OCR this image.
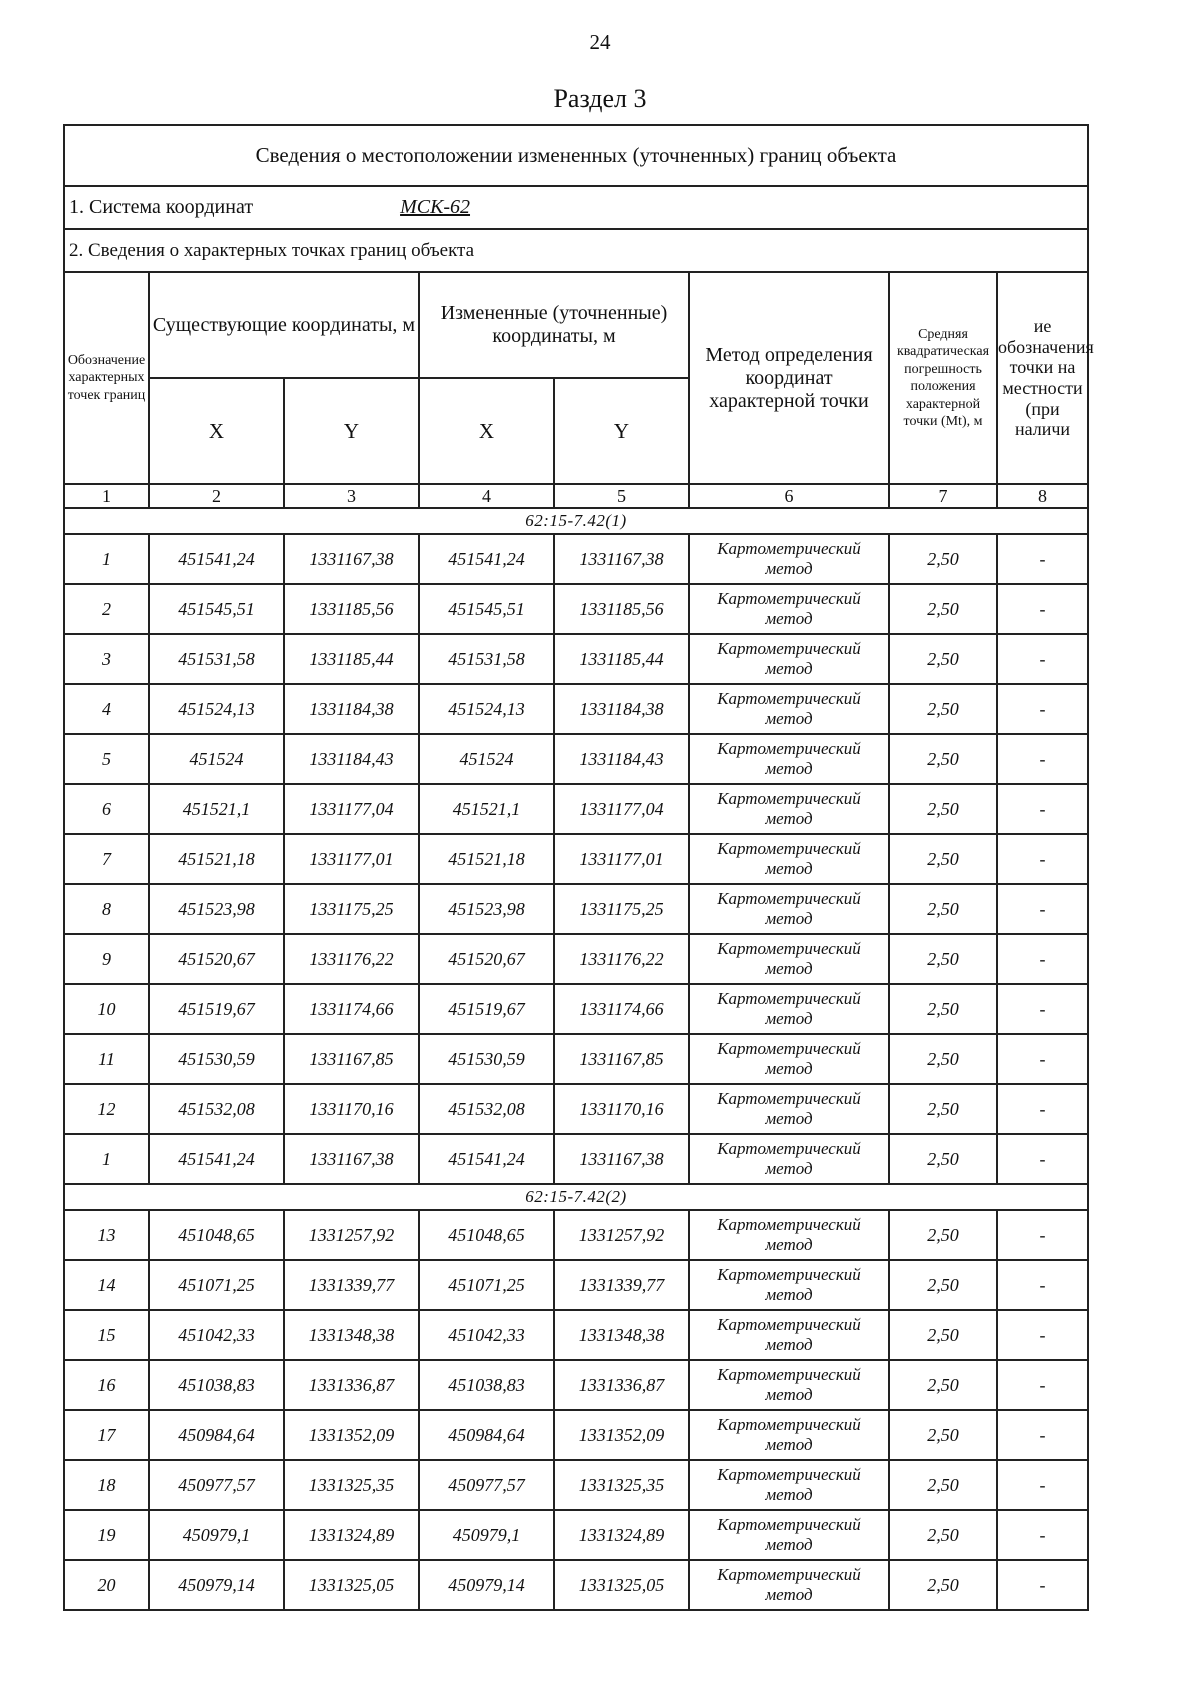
24
Раздел 3
Сведения о местоположении измененных (уточненных) границ объекта							
1. Система координат МСК-62							
2. Сведения о характерных точках границ объекта							
Обозначение характерных точек границ	Существующие координаты, м		Измененные (уточненные) координаты, м		Метод определения координат характерной точки	Средняя квадратическая погрешность положения характерной точки (Mt), м	ие обозначения точки на местности (при наличи
	X	Y	X	Y			
1	2	3	4	5	6	7	8
62:15-7.42(1)							
1	451541,24	1331167,38	451541,24	1331167,38	Картометрический метод	2,50	-
2	451545,51	1331185,56	451545,51	1331185,56	Картометрический метод	2,50	-
3	451531,58	1331185,44	451531,58	1331185,44	Картометрический метод	2,50	-
4	451524,13	1331184,38	451524,13	1331184,38	Картометрический метод	2,50	-
5	451524	1331184,43	451524	1331184,43	Картометрический метод	2,50	-
6	451521,1	1331177,04	451521,1	1331177,04	Картометрический метод	2,50	-
7	451521,18	1331177,01	451521,18	1331177,01	Картометрический метод	2,50	-
8	451523,98	1331175,25	451523,98	1331175,25	Картометрический метод	2,50	-
9	451520,67	1331176,22	451520,67	1331176,22	Картометрический метод	2,50	-
10	451519,67	1331174,66	451519,67	1331174,66	Картометрический метод	2,50	-
11	451530,59	1331167,85	451530,59	1331167,85	Картометрический метод	2,50	-
12	451532,08	1331170,16	451532,08	1331170,16	Картометрический метод	2,50	-
1	451541,24	1331167,38	451541,24	1331167,38	Картометрический метод	2,50	-
62:15-7.42(2)							
13	451048,65	1331257,92	451048,65	1331257,92	Картометрический метод	2,50	-
14	451071,25	1331339,77	451071,25	1331339,77	Картометрический метод	2,50	-
15	451042,33	1331348,38	451042,33	1331348,38	Картометрический метод	2,50	-
16	451038,83	1331336,87	451038,83	1331336,87	Картометрический метод	2,50	-
17	450984,64	1331352,09	450984,64	1331352,09	Картометрический метод	2,50	-
18	450977,57	1331325,35	450977,57	1331325,35	Картометрический метод	2,50	-
19	450979,1	1331324,89	450979,1	1331324,89	Картометрический метод	2,50	-
20	450979,14	1331325,05	450979,14	1331325,05	Картометрический метод	2,50	-
